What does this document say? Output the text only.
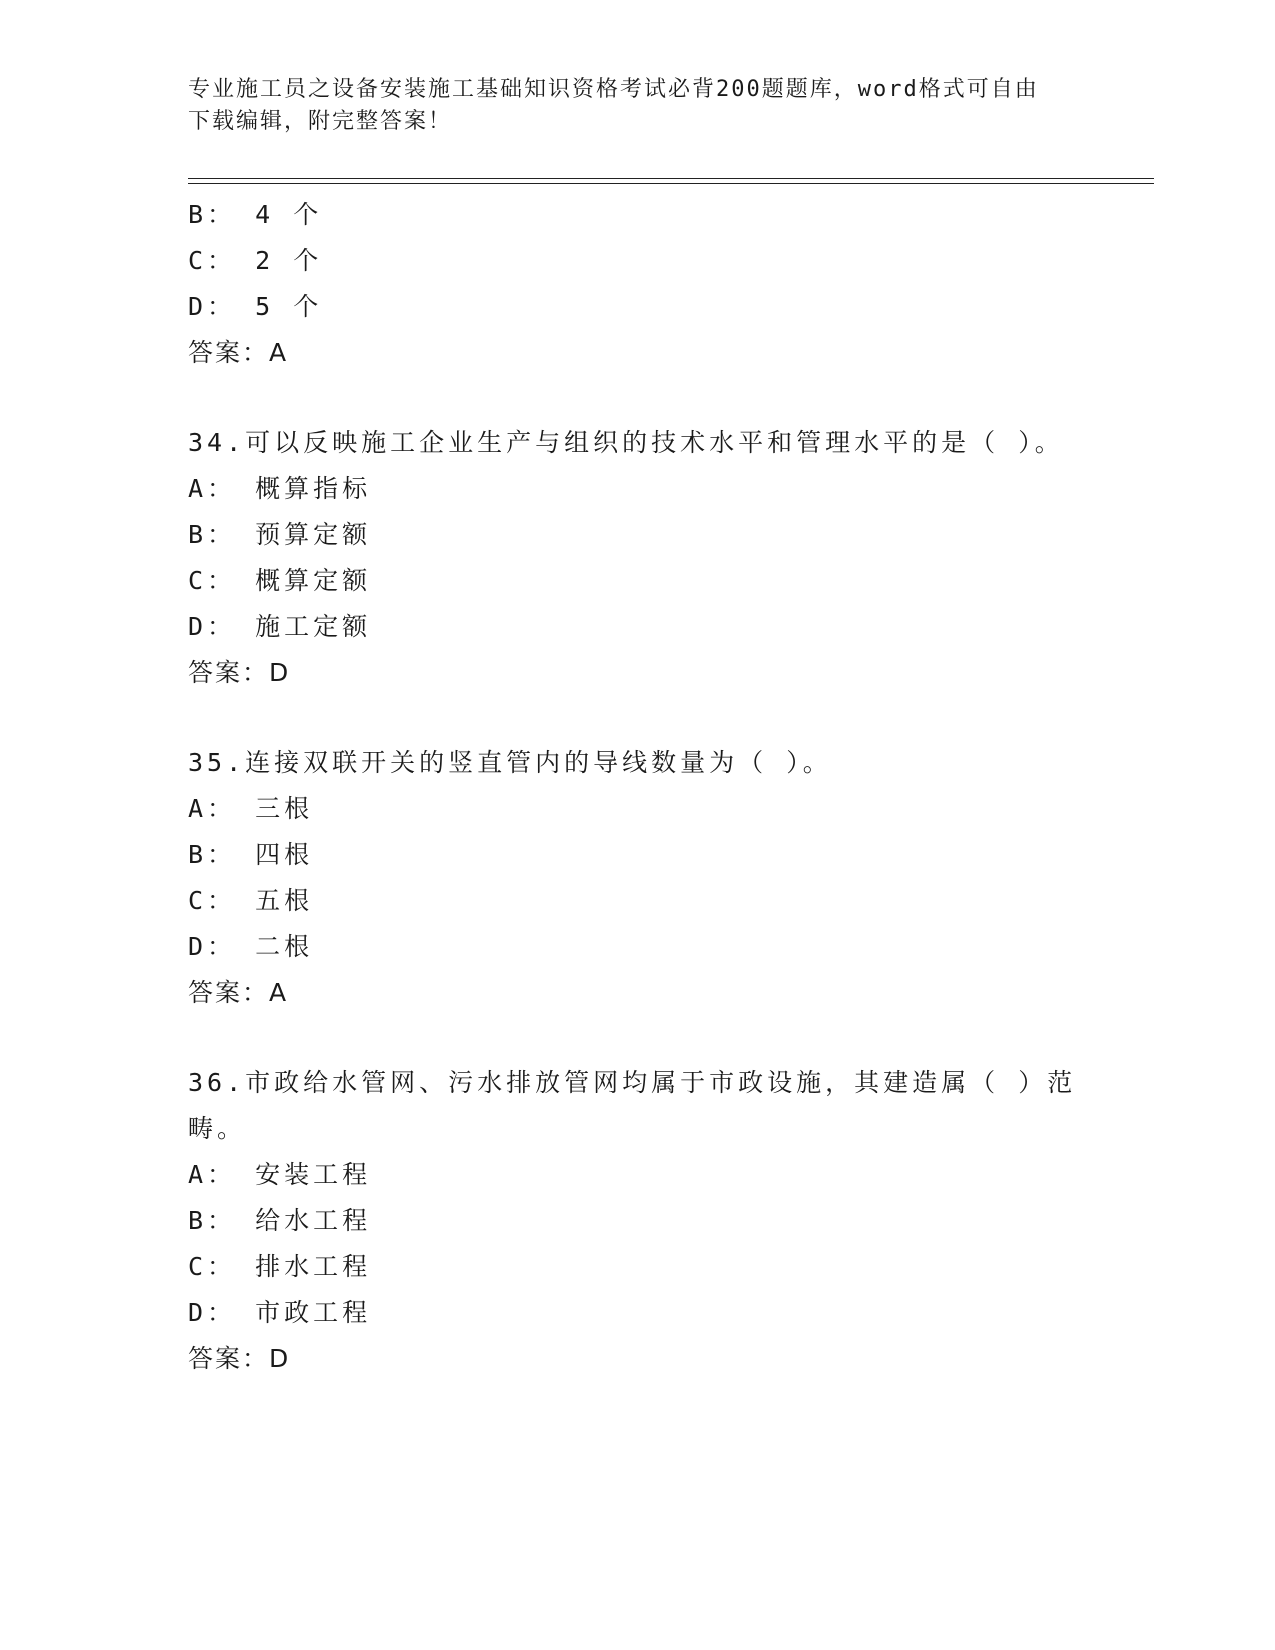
专业施工员之设备安装施工基础知识资格考试必背200题题库，word格式可自由
下载编辑，附完整答案！
B： 4 个
C： 2 个
D： 5 个
答案：A
34.可以反映施工企业生产与组织的技术水平和管理水平的是（ ）。
A： 概算指标
B： 预算定额
C： 概算定额
D： 施工定额
答案：D
35.连接双联开关的竖直管内的导线数量为（ ）。
A： 三根
B： 四根
C： 五根
D： 二根
答案：A
36.市政给水管网、污水排放管网均属于市政设施，其建造属（ ）范
畴。
A： 安装工程
B： 给水工程
C： 排水工程
D： 市政工程
答案：D
